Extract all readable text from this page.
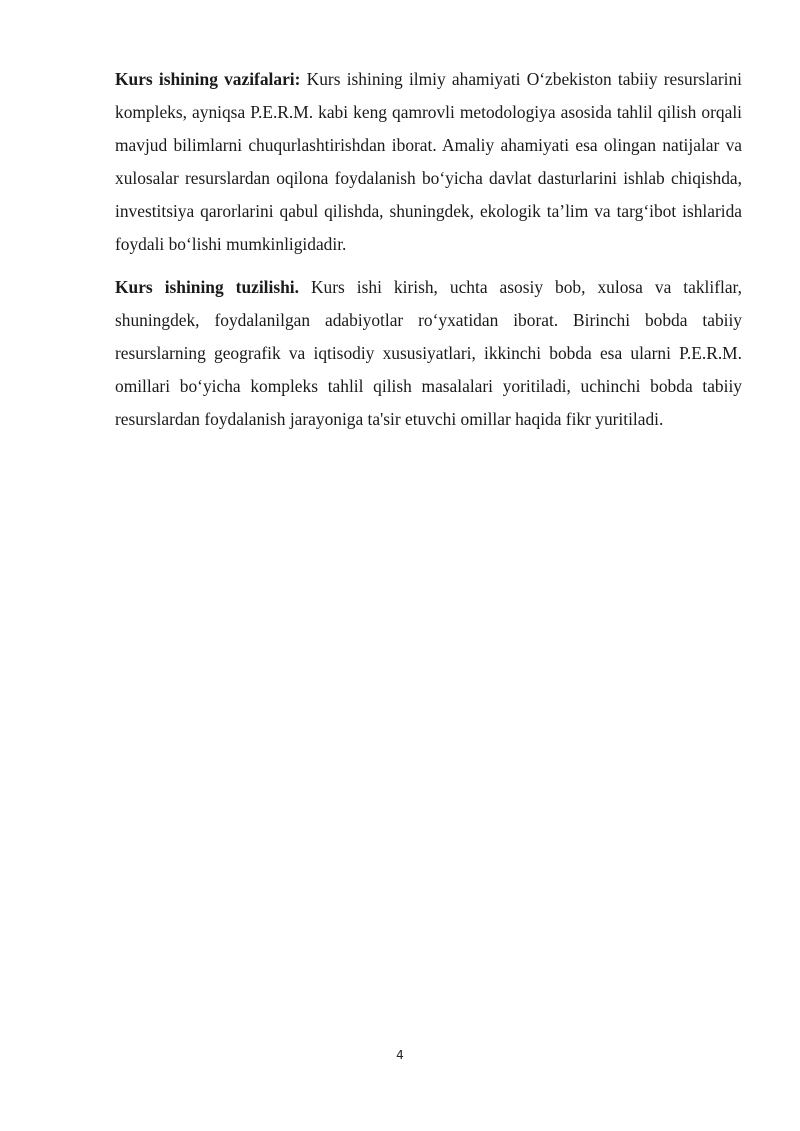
Kurs ishining vazifalari: Kurs ishining ilmiy ahamiyati O‘zbekiston tabiiy resurslarini kompleks, ayniqsa P.E.R.M. kabi keng qamrovli metodologiya asosida tahlil qilish orqali mavjud bilimlarni chuqurlashtirishdan iborat. Amaliy ahamiyati esa olingan natijalar va xulosalar resurslardan oqilona foydalanish bo‘yicha davlat dasturlarini ishlab chiqishda, investitsiya qarorlarini qabul qilishda, shuningdek, ekologik ta’lim va targ‘ibot ishlarida foydali bo‘lishi mumkinligidadir.

Kurs ishining tuzilishi. Kurs ishi kirish, uchta asosiy bob, xulosa va takliflar, shuningdek, foydalanilgan adabiyotlar ro‘yxatidan iborat. Birinchi bobda tabiiy resurslarning geografik va iqtisodiy xususiyatlari, ikkinchi bobda esa ularni P.E.R.M. omillari bo‘yicha kompleks tahlil qilish masalalari yoritiladi, uchinchi bobda tabiiy resurslardan foydalanish jarayoniga ta'sir etuvchi omillar haqida fikr yuritiladi.

4
